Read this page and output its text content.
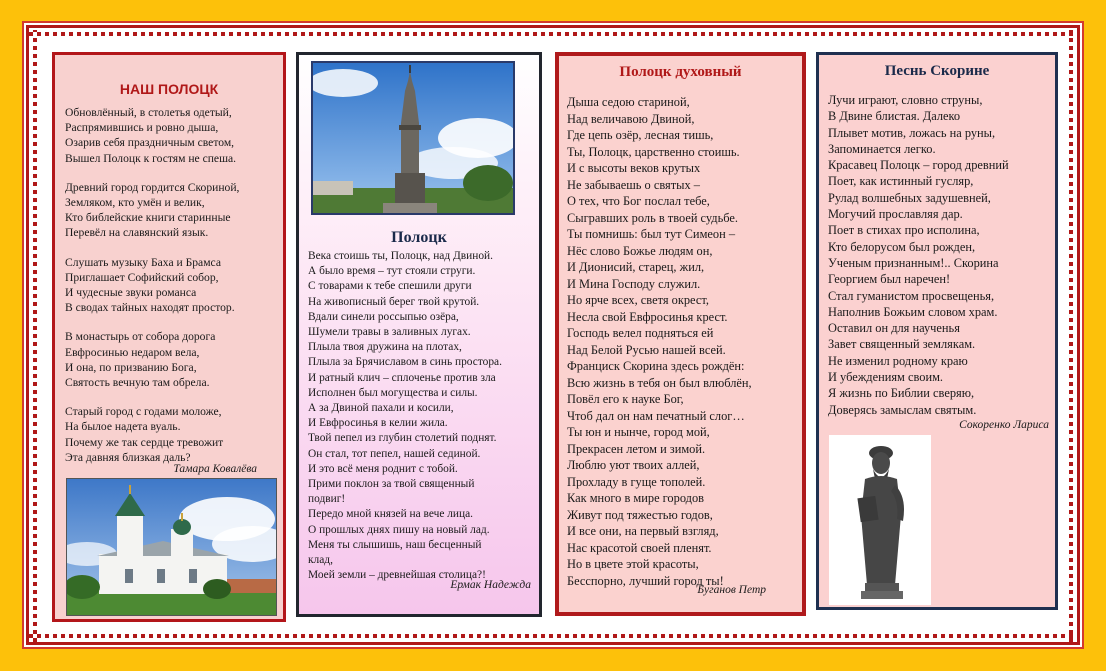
НАШ ПОЛОЦК
Обновлённый, в столетья одетый,
Распрямившись и ровно дыша,
Озарив себя праздничным светом,
Вышел Полоцк к гостям не спеша.
Древний город гордится Скориной,
Земляком, кто умён и велик,
Кто библейские книги старинные
Перевёл на славянский язык.
Слушать музыку Баха и Брамса
Приглашает Софийский собор,
И чудесные звуки романса
В сводах тайных находят простор.
В монастырь от собора дорога
Евфросинью недаром вела,
И она, по призванию Бога,
Святость вечную там обрела.
Старый город с годами моложе,
На былое надета вуаль.
Почему же так сердце тревожит
Эта давняя близкая даль?
Тамара Ковалёва
Полоцк
Века стоишь ты, Полоцк, над Двиной.
А было время – тут стояли струги.
С товарами к тебе спешили други
На живописный берег твой крутой.
Вдали синели россыпью озёра,
Шумели травы в заливных лугах.
Плыла твоя дружина на плотах,
Плыла за Брячиславом в синь простора.
И ратный клич – сплоченье против зла
Исполнен был могущества и силы.
А за Двиной пахали и косили,
И Евфросинья в келии жила.
Твой пепел из глубин столетий поднят.
Он стал, тот пепел, нашей сединой.
И это всё меня роднит с тобой.
Прими поклон за твой священный
подвиг!
Передо мной князей на вече лица.
О прошлых днях пишу на новый лад.
Меня ты слышишь, наш бесценный
клад,
Моей земли – древнейшая столица?!
Ермак Надежда
Полоцк духовный
Дыша седою стариной,
Над величавою Двиной,
Где цепь озёр, лесная тишь,
Ты, Полоцк, царственно стоишь.
И с высоты веков крутых
Не забываешь о святых –
О тех, что Бог послал тебе,
Сыгравших роль в твоей судьбе.
Ты помнишь: был тут Симеон –
Нёс слово Божье людям он,
И Дионисий, старец, жил,
И Мина Господу служил.
Но ярче всех, светя окрест,
Несла свой Евфросинья крест.
Господь велел подняться ей
Над Белой Русью нашей всей.
Франциск Скорина здесь рождён:
Всю жизнь в тебя он был влюблён,
Повёл его к науке Бог,
Чтоб дал он нам печатный слог…
Ты юн и нынче, город мой,
Прекрасен летом и зимой.
Люблю уют твоих аллей,
Прохладу в гуще тополей.
Как много в мире городов
Живут под тяжестью годов,
И все они, на первый взгляд,
Нас красотой своей пленят.
Но в цвете этой красоты,
Бесспорно, лучший город ты!
Буганов Петр
Песнь Скорине
Лучи играют, словно струны,
В Двине блистая. Далеко
Плывет мотив, ложась на руны,
Запоминается легко.
Красавец Полоцк – город древний
Поет, как истинный гусляр,
Рулад волшебных задушевней,
Могучий прославляя дар.
Поет в стихах про исполина,
Кто белорусом был рожден,
Ученым признанным!.. Скорина
Георгием был наречен!
Стал гуманистом просвещенья,
Наполнив Божьим словом храм.
Оставил он для наученья
Завет священный землякам.
Не изменил родному краю
И убеждениям своим.
Я жизнь по Библии сверяю,
Доверясь замыслам святым.
Сокоренко Лариса
